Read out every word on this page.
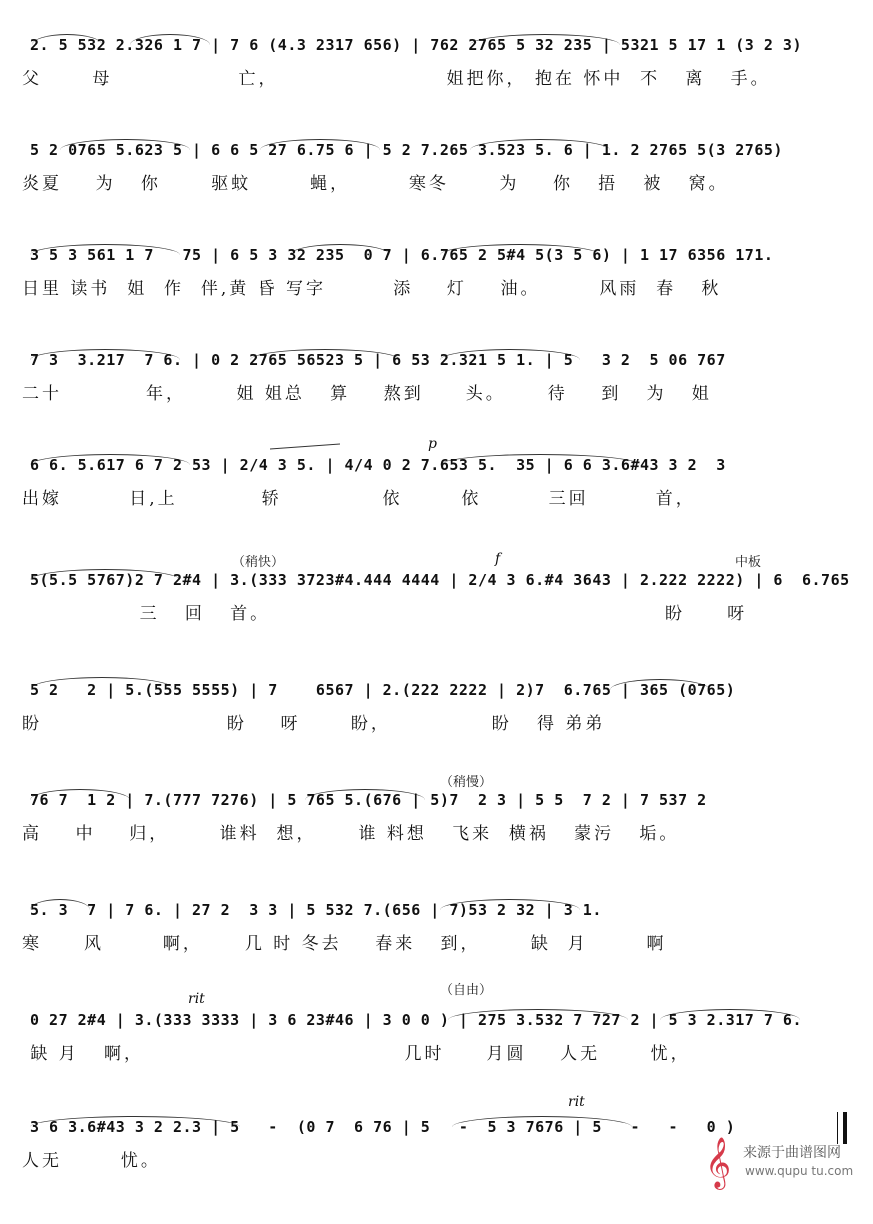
2. 5 532 2.326 1 7 | 7 6 (4.3 2317 656) | 762 2765 5 32 235 | 5321 5 17 1 (3 2 3)
父      母               亡，                    姐把你， 抱在 怀中  不   离   手。
5 2 0765 5.623 5 | 6 6 5 27 6.75 6 | 5 2 7.265 3.523 5. 6 | 1. 2 2765 5(3 2765)
炎夏    为   你      驱蚊       蝇，       寒冬      为    你   捂   被   窝。
3 5 3 561 1 7   75 | 6 5 3 32 235  0 7 | 6.765 2 5#4 5(3 5 6) | 1 17 6356 171.
日里 读书  姐  作  伴,黄 昏 写字        添    灯    油。       风雨  春   秋
7 3  3.217  7 6. | 0 2 2765 56523 5 | 6 53 2.321 5 1. | 5   3 2  5 06 767
二十          年，      姐 姐总   算    熬到     头。     待    到   为   姐
p
6 6. 5.617 6 7 2 53 | 2/4 3 5. | 4/4 0 2 7.653 5.  35 | 6 6 3.6#43 3 2  3
出嫁        日,上          轿            依       依        三回        首，
（稍快）	中板
f
5(5.5 5767)2 7 2#4 | 3.(333 3723#4.444 4444 | 2/4 3 6.#4 3643 | 2.222 2222) | 6  6.765
三   回   首。                                               盼     呀
5 2   2 | 5.(555 5555) | 7    6567 | 2.(222 2222 | 2)7  6.765 | 365 (0765)
盼                      盼    呀      盼，            盼   得 弟弟
（稍慢）
76 7  1 2 | 7.(777 7276) | 5 765 5.(676 | 5)7  2 3 | 5 5  7 2 | 7 537 2
高    中    归，      谁料  想，     谁 料想   飞来  横祸   蒙污   垢。
5. 3  7 | 7 6. | 27 2  3 3 | 5 532 7.(656 | 7)53 2 32 | 3 1.
寒     风       啊，     几 时 冬去    春来   到，      缺  月       啊
（自由）
rit
0 27 2#4 | 3.(333 3333 | 3 6 23#46 | 3 0 0 ) | 275 3.532 7 727 2 | 5 3 2.317 7 6.
缺 月   啊，                               几时     月圆    人无      忧，
rit
3 6 3.6#43 3 2 2.3 | 5   -  (0 7  6 76 | 5   -  5 3 7676 | 5   -   -   0 )
人无       忧。	𝄞 来源于曲谱图网
www.qupu tu.com
